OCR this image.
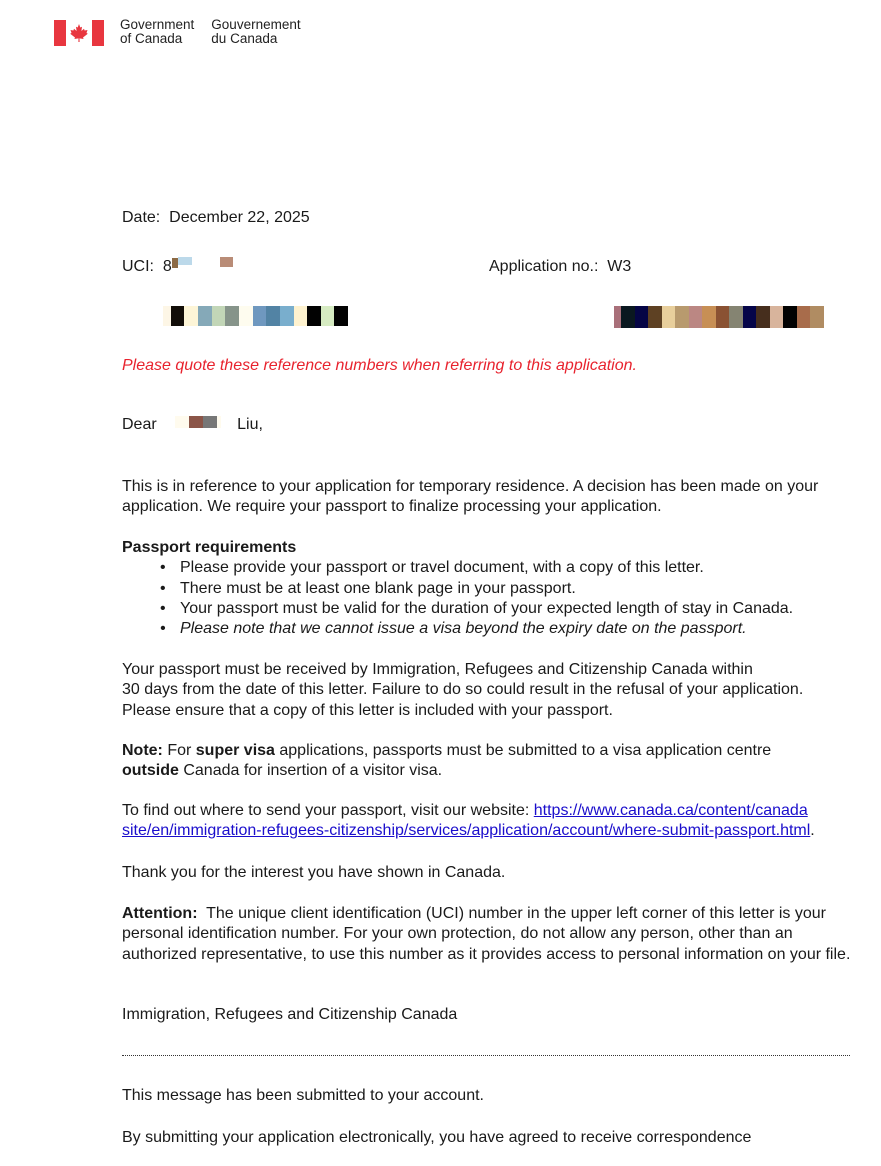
Government
of Canada
Gouvernement
du Canada
Date: December 22, 2025
UCI: 8	Application no.: W3
Please quote these reference numbers when referring to this application.
Dear	Liu,
This is in reference to your application for temporary residence. A decision has been made on your application. We require your passport to finalize processing your application.
Passport requirements
• Please provide your passport or travel document, with a copy of this letter.
• There must be at least one blank page in your passport.
• Your passport must be valid for the duration of your expected length of stay in Canada.
• Please note that we cannot issue a visa beyond the expiry date on the passport.
Your passport must be received by Immigration, Refugees and Citizenship Canada within
30 days from the date of this letter. Failure to do so could result in the refusal of your application.
Please ensure that a copy of this letter is included with your passport.
Note: For super visa applications, passports must be submitted to a visa application centre outside Canada for insertion of a visitor visa.
To find out where to send your passport, visit our website: https://www.canada.ca/content/canada
site/en/immigration-refugees-citizenship/services/application/account/where-submit-passport.html.
Thank you for the interest you have shown in Canada.
Attention:  The unique client identification (UCI) number in the upper left corner of this letter is your personal identification number. For your own protection, do not allow any person, other than an authorized representative, to use this number as it provides access to personal information on your file.
Immigration, Refugees and Citizenship Canada
This message has been submitted to your account.
By submitting your application electronically, you have agreed to receive correspondence
